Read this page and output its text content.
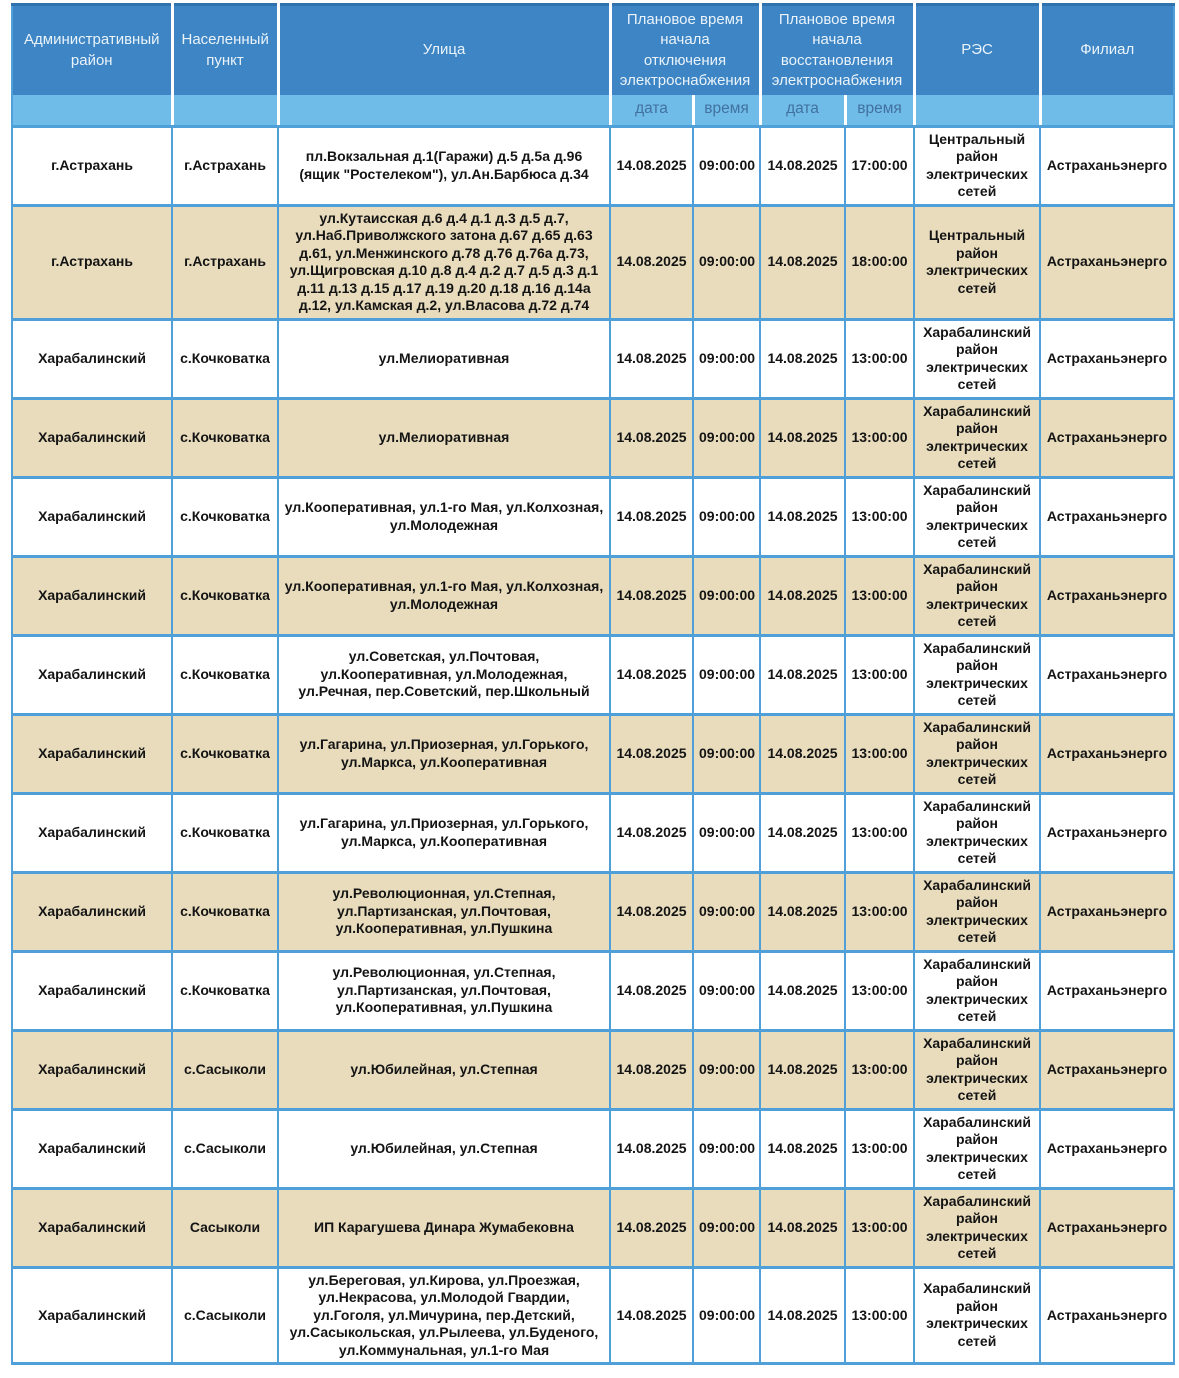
Административный район	Населенный пункт	Улица	Плановое время начала отключения электроснабжения		Плановое время начала восстановления электроснабжения		РЭС	Филиал
			дата	время	дата	время		
г.Астрахань	г.Астрахань	пл.Вокзальная д.1(Гаражи) д.5 д.5а д.96 (ящик "Ростелеком"), ул.Ан.Барбюса д.34	14.08.2025	09:00:00	14.08.2025	17:00:00	Центральный район электрических сетей	Астраханьэнерго
г.Астрахань	г.Астрахань	ул.Кутаисская д.6 д.4 д.1 д.3 д.5 д.7, ул.Наб.Приволжского затона д.67 д.65 д.63 д.61, ул.Менжинского д.78 д.76 д.76а д.73, ул.Щигровская д.10 д.8 д.4 д.2 д.7 д.5 д.3 д.1 д.11 д.13 д.15 д.17 д.19 д.20 д.18 д.16 д.14а д.12, ул.Камская д.2, ул.Власова д.72 д.74	14.08.2025	09:00:00	14.08.2025	18:00:00	Центральный район электрических сетей	Астраханьэнерго
Харабалинский	с.Кочковатка	ул.Мелиоративная	14.08.2025	09:00:00	14.08.2025	13:00:00	Харабалинский район электрических сетей	Астраханьэнерго
Харабалинский	с.Кочковатка	ул.Мелиоративная	14.08.2025	09:00:00	14.08.2025	13:00:00	Харабалинский район электрических сетей	Астраханьэнерго
Харабалинский	с.Кочковатка	ул.Кооперативная, ул.1-го Мая, ул.Колхозная, ул.Молодежная	14.08.2025	09:00:00	14.08.2025	13:00:00	Харабалинский район электрических сетей	Астраханьэнерго
Харабалинский	с.Кочковатка	ул.Кооперативная, ул.1-го Мая, ул.Колхозная, ул.Молодежная	14.08.2025	09:00:00	14.08.2025	13:00:00	Харабалинский район электрических сетей	Астраханьэнерго
Харабалинский	с.Кочковатка	ул.Советская, ул.Почтовая, ул.Кооперативная, ул.Молодежная, ул.Речная, пер.Советский, пер.Школьный	14.08.2025	09:00:00	14.08.2025	13:00:00	Харабалинский район электрических сетей	Астраханьэнерго
Харабалинский	с.Кочковатка	ул.Гагарина, ул.Приозерная, ул.Горького, ул.Маркса, ул.Кооперативная	14.08.2025	09:00:00	14.08.2025	13:00:00	Харабалинский район электрических сетей	Астраханьэнерго
Харабалинский	с.Кочковатка	ул.Гагарина, ул.Приозерная, ул.Горького, ул.Маркса, ул.Кооперативная	14.08.2025	09:00:00	14.08.2025	13:00:00	Харабалинский район электрических сетей	Астраханьэнерго
Харабалинский	с.Кочковатка	ул.Революционная, ул.Степная, ул.Партизанская, ул.Почтовая, ул.Кооперативная, ул.Пушкина	14.08.2025	09:00:00	14.08.2025	13:00:00	Харабалинский район электрических сетей	Астраханьэнерго
Харабалинский	с.Кочковатка	ул.Революционная, ул.Степная, ул.Партизанская, ул.Почтовая, ул.Кооперативная, ул.Пушкина	14.08.2025	09:00:00	14.08.2025	13:00:00	Харабалинский район электрических сетей	Астраханьэнерго
Харабалинский	с.Сасыколи	ул.Юбилейная, ул.Степная	14.08.2025	09:00:00	14.08.2025	13:00:00	Харабалинский район электрических сетей	Астраханьэнерго
Харабалинский	с.Сасыколи	ул.Юбилейная, ул.Степная	14.08.2025	09:00:00	14.08.2025	13:00:00	Харабалинский район электрических сетей	Астраханьэнерго
Харабалинский	Сасыколи	ИП Карагушева Динара Жумабековна	14.08.2025	09:00:00	14.08.2025	13:00:00	Харабалинский район электрических сетей	Астраханьэнерго
Харабалинский	с.Сасыколи	ул.Береговая, ул.Кирова, ул.Проезжая, ул.Некрасова, ул.Молодой Гвардии, ул.Гоголя, ул.Мичурина, пер.Детский, ул.Сасыкольская, ул.Рылеева, ул.Буденого, ул.Коммунальная, ул.1-го Мая	14.08.2025	09:00:00	14.08.2025	13:00:00	Харабалинский район электрических сетей	Астраханьэнерго
